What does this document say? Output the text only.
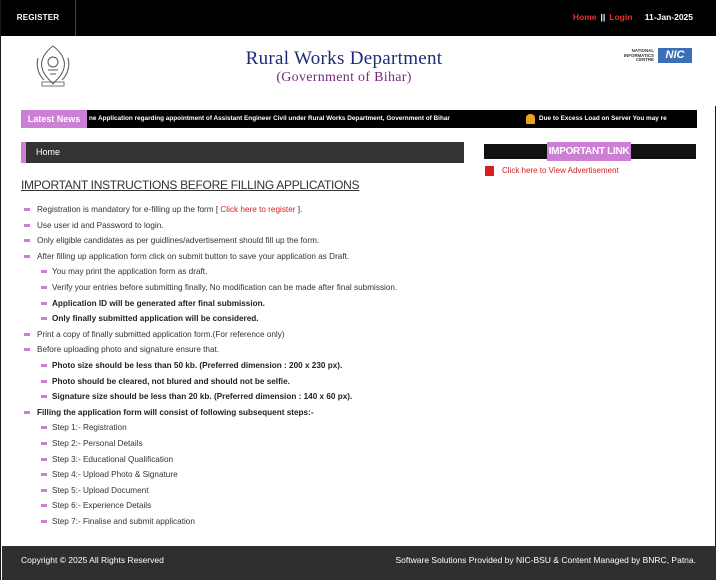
REGISTER	Home || Login 11-Jan-2025
Rural Works Department
(Government of Bihar)
NATIONAL INFORMATICS CENTRE	NIC
Latest News	ne Application regarding appointment of Assistant Engineer Civil under Rural Works Department, Government of Bihar	Due to Excess Load on Server You may re
Home	IMPORTANT LINK
Click here to View Advertisement
IMPORTANT INSTRUCTIONS BEFORE FILLING APPLICATIONS
Registration is mandatory for e-filling up the form [ Click here to register ].
Use user id and Password to login.
Only eligible candidates as per guidlines/advertisement should fill up the form.
After filling up application form click on submit button to save your application as Draft.
You may print the application form as draft.
Verify your entries before submitting finally, No modification can be made after final submission.
Application ID will be generated after final submission.
Only finally submitted application will be considered.
Print a copy of finally submitted application form.(For reference only)
Before uploading photo and signature ensure that.
Photo size should be less than 50 kb. (Preferred dimension : 200 x 230 px).
Photo should be cleared, not blured and should not be selfie.
Signature size should be less than 20 kb. (Preferred dimension : 140 x 60 px).
Filling the application form will consist of following subsequent steps:-
Step 1:- Registration
Step 2:- Personal Details
Step 3:- Educational Qualification
Step 4:- Upload Photo & Signature
Step 5:- Upload Document
Step 6:- Experience Details
Step 7:- Finalise and submit application
Copyright © 2025 All Rights Reserved	Software Solutions Provided by NIC-BSU & Content Managed by BNRC, Patna.
